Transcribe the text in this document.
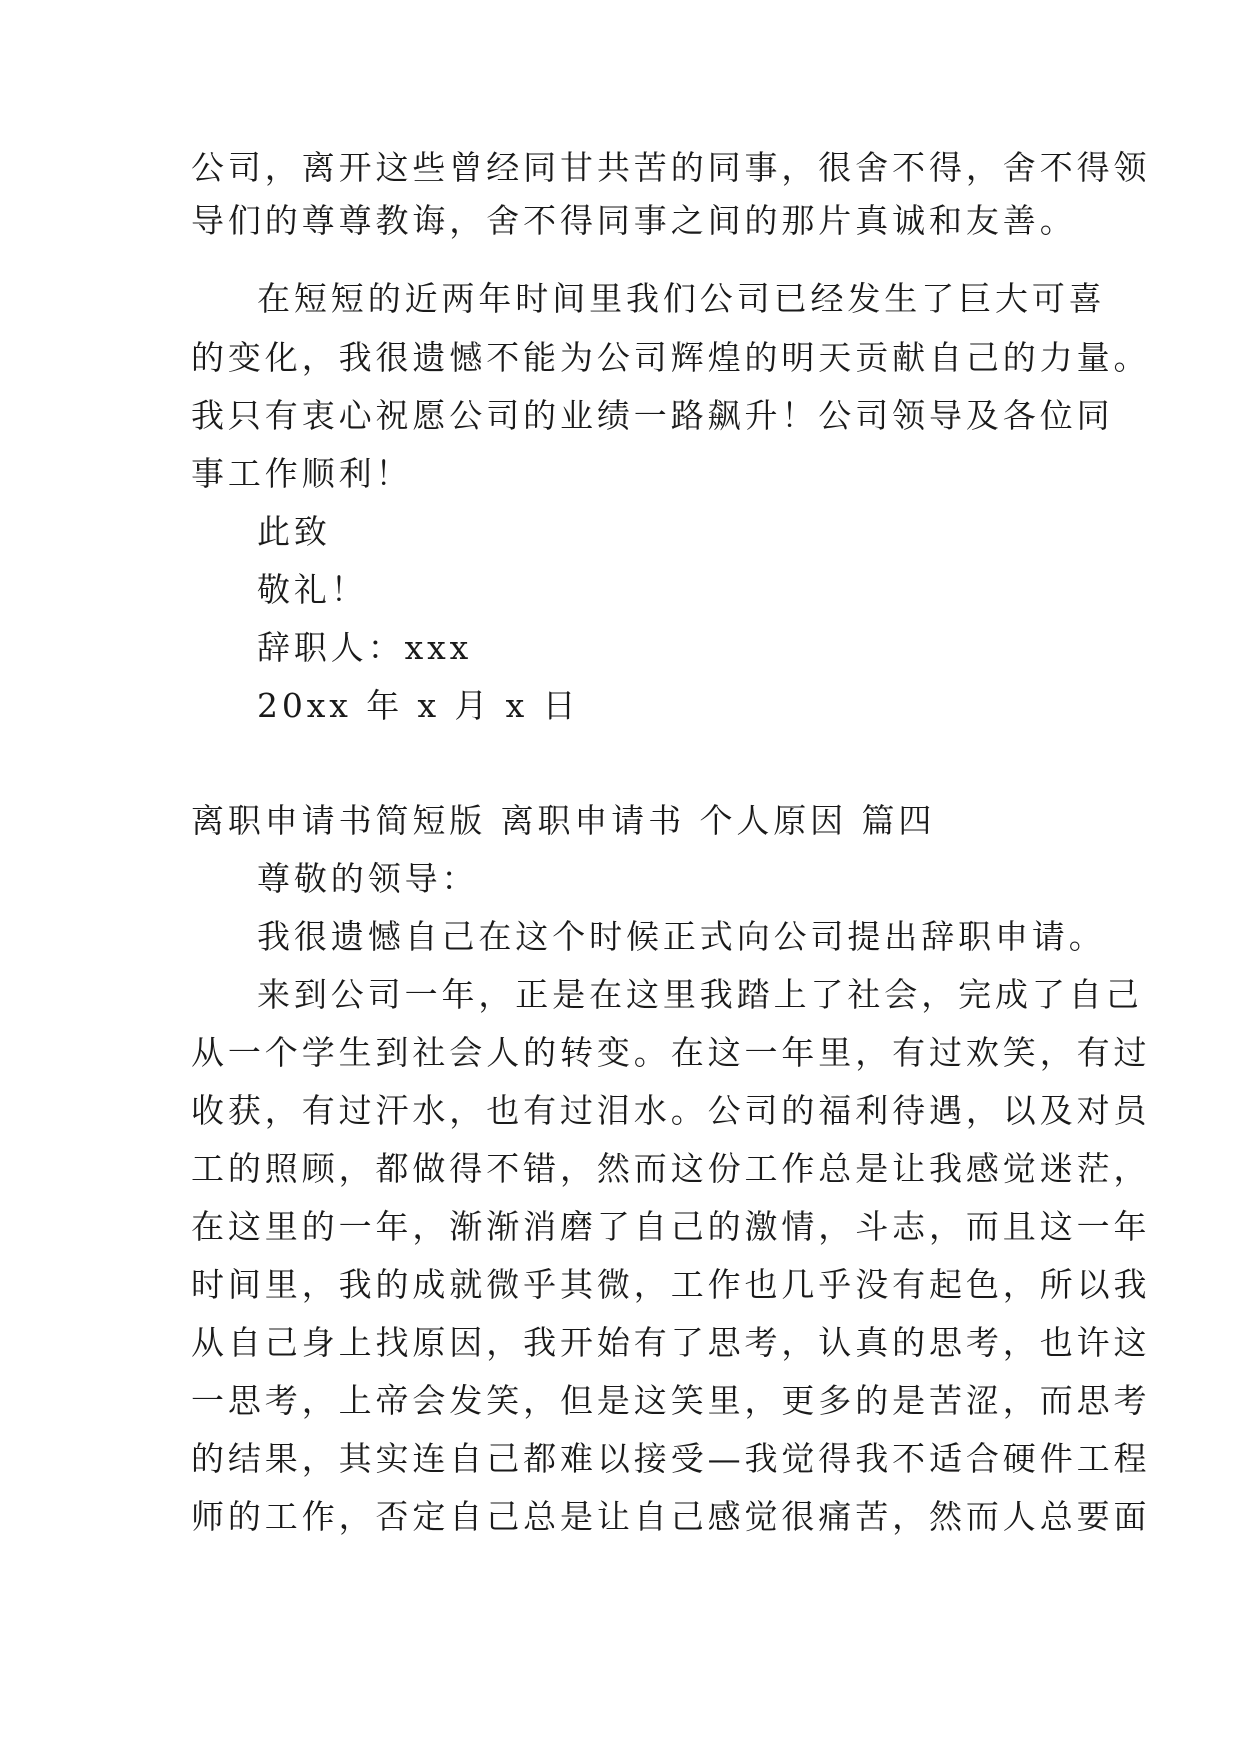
公司，离开这些曾经同甘共苦的同事，很舍不得，舍不得领

导们的尊尊教诲，舍不得同事之间的那片真诚和友善。

在短短的近两年时间里我们公司已经发生了巨大可喜

的变化，我很遗憾不能为公司辉煌的明天贡献自己的力量。

我只有衷心祝愿公司的业绩一路飙升！公司领导及各位同

事工作顺利！

此致

敬礼！

辞职人：xxx

20xx 年 x 月 x 日

离职申请书简短版 离职申请书 个人原因 篇四

尊敬的领导：

我很遗憾自己在这个时候正式向公司提出辞职申请。

来到公司一年，正是在这里我踏上了社会，完成了自己

从一个学生到社会人的转变。在这一年里，有过欢笑，有过

收获，有过汗水，也有过泪水。公司的福利待遇，以及对员

工的照顾，都做得不错，然而这份工作总是让我感觉迷茫，

在这里的一年，渐渐消磨了自己的激情，斗志，而且这一年

时间里，我的成就微乎其微，工作也几乎没有起色，所以我

从自己身上找原因，我开始有了思考，认真的思考，也许这

一思考，上帝会发笑，但是这笑里，更多的是苦涩，而思考

的结果，其实连自己都难以接受—我觉得我不适合硬件工程

师的工作，否定自己总是让自己感觉很痛苦，然而人总要面
